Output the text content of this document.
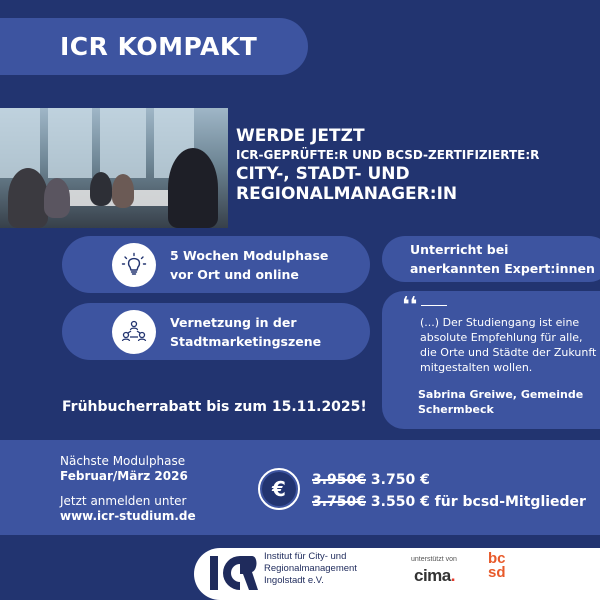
ICR KOMPAKT
WERDE JETZT
ICR-GEPRÜFTE:R UND BCSD-ZERTIFIZIERTE:R
CITY-, STADT- UND
REGIONALMANAGER:IN
5 Wochen Modulphase
vor Ort und online
Vernetzung in der
Stadtmarketingszene
Unterricht bei
anerkannten Expert:innen
❛❛
(...) Der Studiengang ist eine absolute Empfehlung für alle, die Orte und Städte der Zukunft mitgestalten wollen.
Sabrina Greiwe, Gemeinde
Schermbeck
Frühbucherrabatt bis zum 15.11.2025!
Nächste Modulphase
Februar/März 2026
Jetzt anmelden unter
www.icr-studium.de
€	3.950€ 3.750 €
3.750€ 3.550 € für bcsd-Mitglieder
Institut für City- und
Regionalmanagement
Ingolstadt e.V.
unterstützt von
cima.
bc
sd
